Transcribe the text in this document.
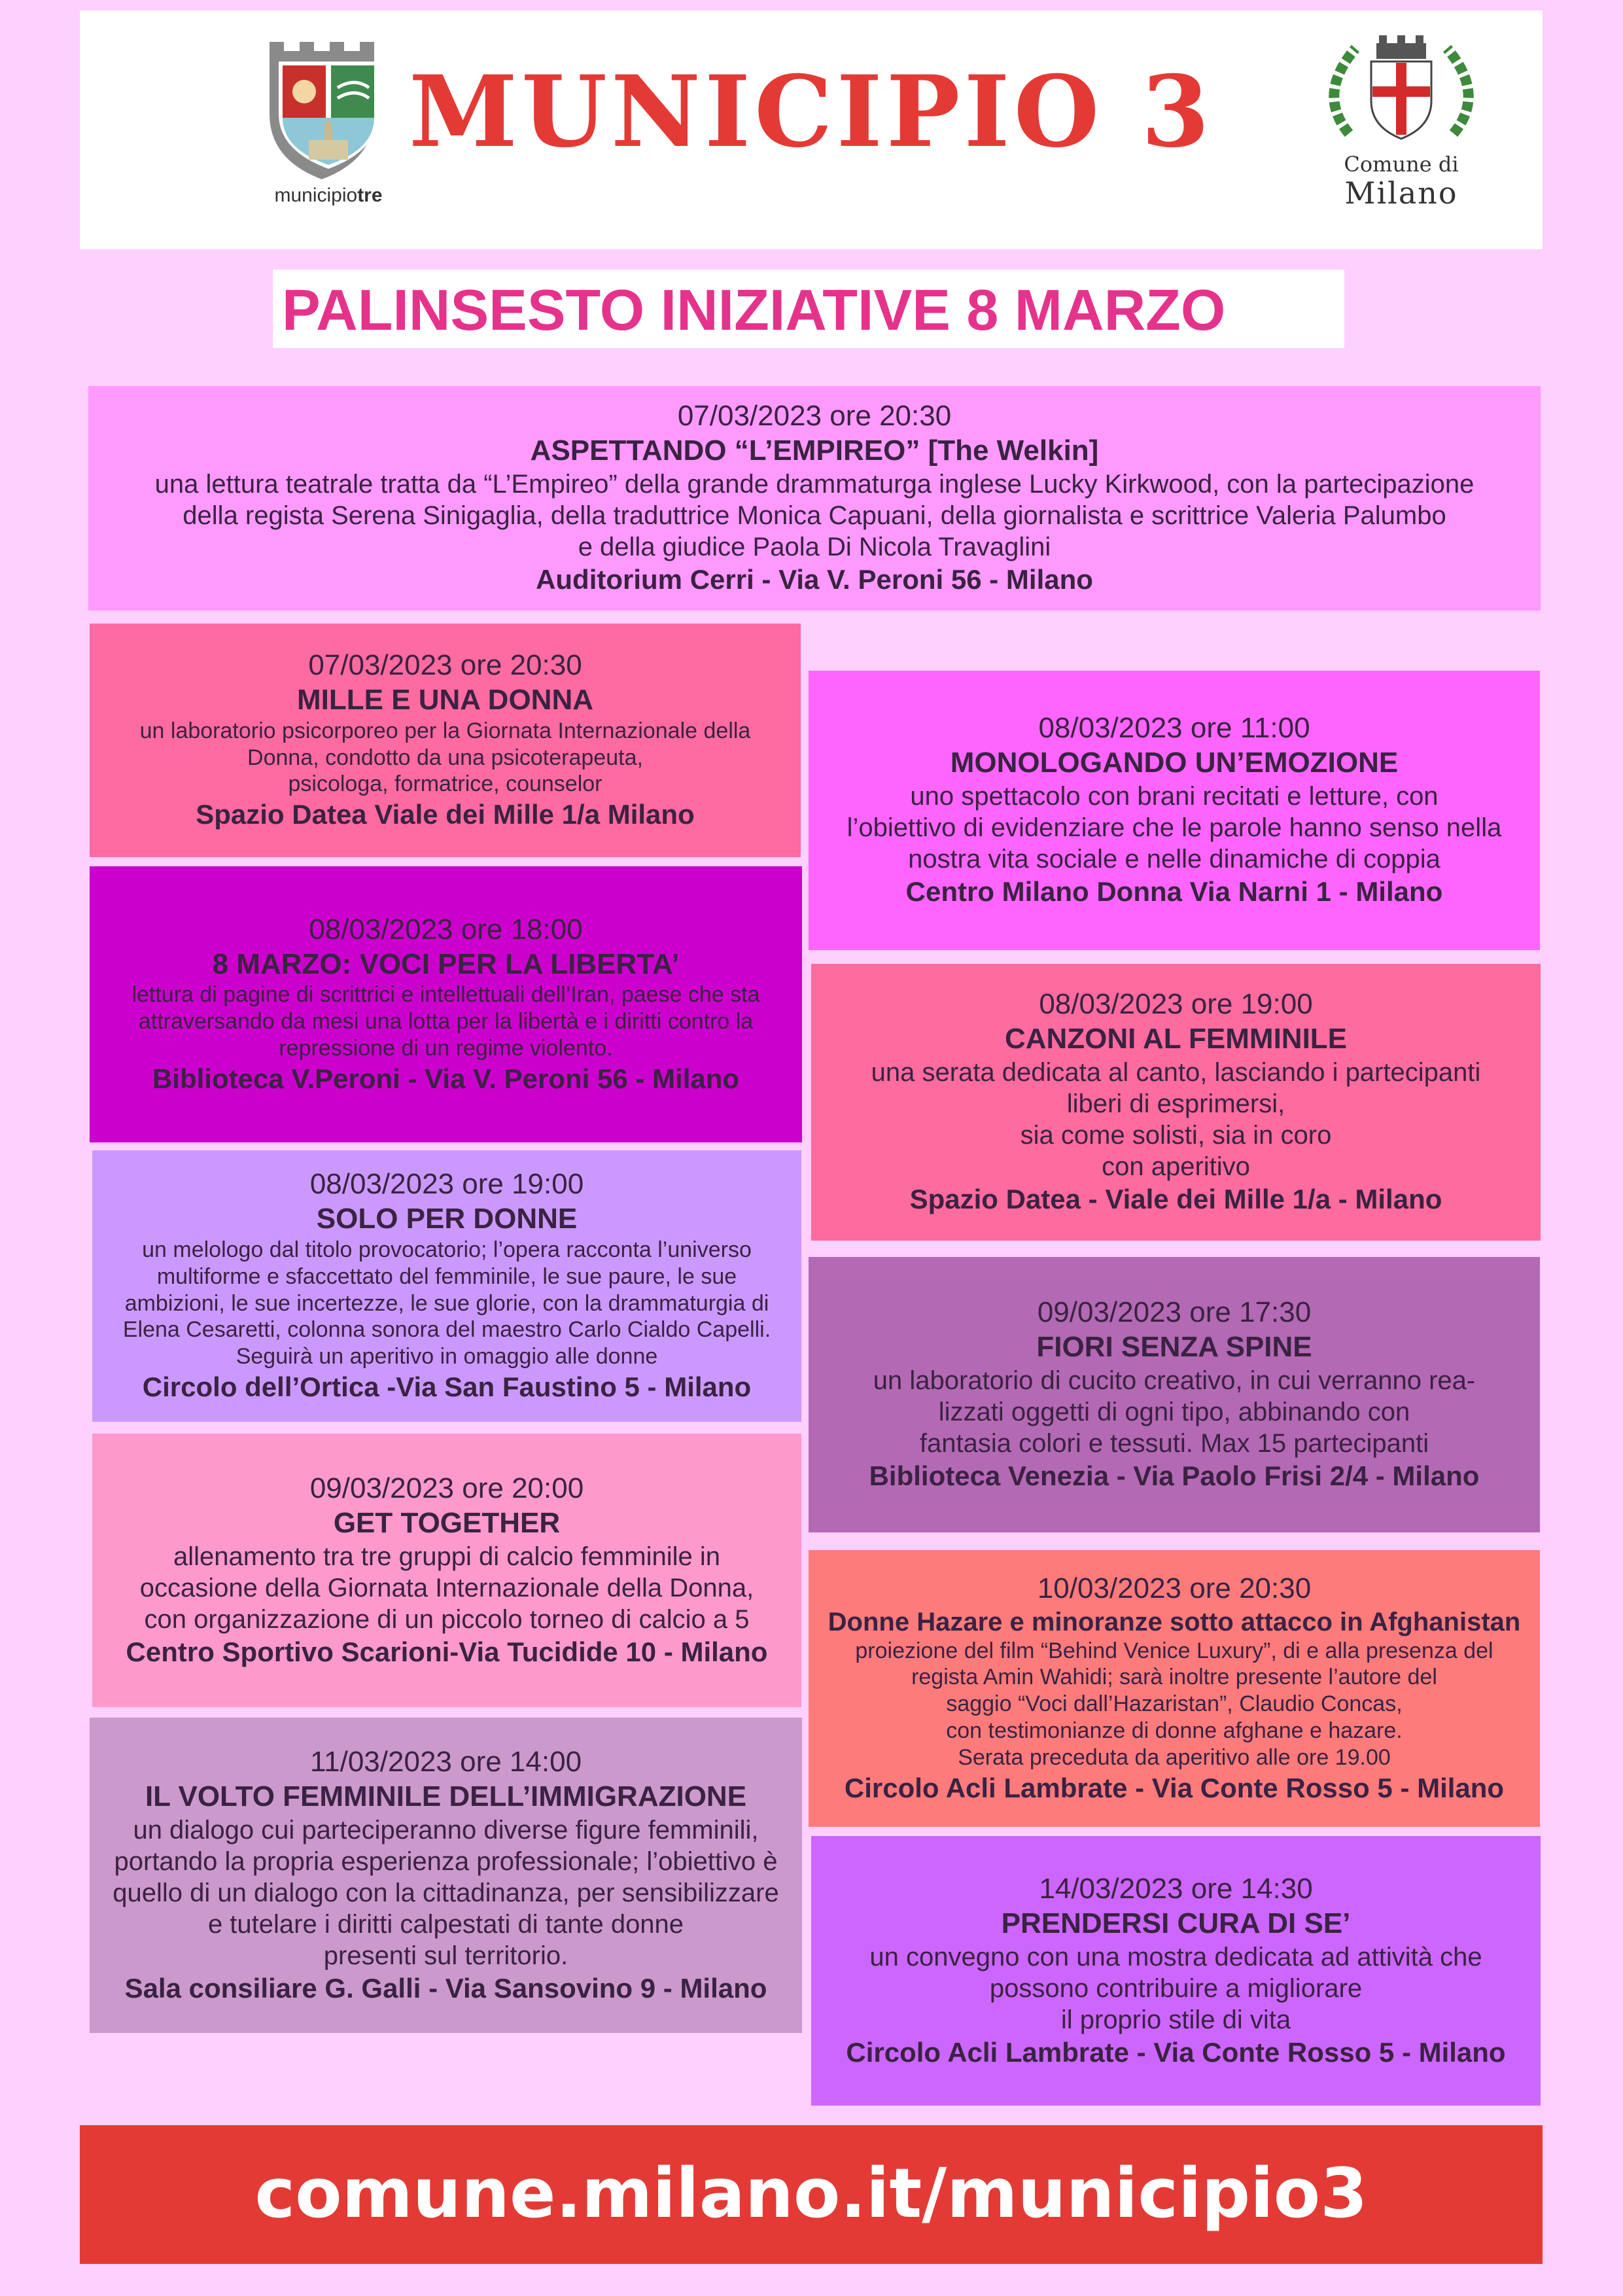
municipiotre
MUNICIPIO 3	Comune di
Milano
PALINSESTO INIZIATIVE 8 MARZO
07/03/2023 ore 20:30
ASPETTANDO “L’EMPIREO” [The Welkin]
una lettura teatrale tratta da “L’Empireo” della grande drammaturga inglese Lucky Kirkwood, con la partecipazione
della regista Serena Sinigaglia, della traduttrice Monica Capuani, della giornalista e scrittrice Valeria Palumbo
e della giudice Paola Di Nicola Travaglini
Auditorium Cerri - Via V. Peroni 56 - Milano
07/03/2023 ore 20:30
MILLE E UNA DONNA
un laboratorio psicorporeo per la Giornata Internazionale della
Donna, condotto da una psicoterapeuta,
psicologa, formatrice, counselor
Spazio Datea Viale dei Mille 1/a Milano
08/03/2023 ore 18:00
8 MARZO: VOCI PER LA LIBERTA’
lettura di pagine di scrittrici e intellettuali dell’Iran, paese che sta
attraversando da mesi una lotta per la libertà e i diritti contro la
repressione di un regime violento.
Biblioteca V.Peroni - Via V. Peroni 56 - Milano
08/03/2023 ore 19:00
SOLO PER DONNE
un melologo dal titolo provocatorio; l’opera racconta l’universo
multiforme e sfaccettato del femminile, le sue paure, le sue
ambizioni, le sue incertezze, le sue glorie, con la drammaturgia di
Elena Cesaretti, colonna sonora del maestro Carlo Cialdo Capelli.
Seguirà un aperitivo in omaggio alle donne
Circolo dell’Ortica -Via San Faustino 5 - Milano
09/03/2023 ore 20:00
GET TOGETHER
allenamento tra tre gruppi di calcio femminile in
occasione della Giornata Internazionale della Donna,
con organizzazione di un piccolo torneo di calcio a 5
Centro Sportivo Scarioni-Via Tucidide 10 - Milano
11/03/2023 ore 14:00
IL VOLTO FEMMINILE DELL’IMMIGRAZIONE
un dialogo cui parteciperanno diverse figure femminili,
portando la propria esperienza professionale; l’obiettivo è
quello di un dialogo con la cittadinanza, per sensibilizzare
e tutelare i diritti calpestati di tante donne
presenti sul territorio.
Sala consiliare G. Galli - Via Sansovino 9 - Milano
08/03/2023 ore 11:00
MONOLOGANDO UN’EMOZIONE
uno spettacolo con brani recitati e letture, con
l’obiettivo di evidenziare che le parole hanno senso nella
nostra vita sociale e nelle dinamiche di coppia
Centro Milano Donna Via Narni 1 - Milano
08/03/2023 ore 19:00
CANZONI AL FEMMINILE
una serata dedicata al canto, lasciando i partecipanti
liberi di esprimersi,
sia come solisti, sia in coro
con aperitivo
Spazio Datea - Viale dei Mille 1/a - Milano
09/03/2023 ore 17:30
FIORI SENZA SPINE
un laboratorio di cucito creativo, in cui verranno rea-
lizzati oggetti di ogni tipo, abbinando con
fantasia colori e tessuti. Max 15 partecipanti
Biblioteca Venezia - Via Paolo Frisi 2/4 - Milano
10/03/2023 ore 20:30
Donne Hazare e minoranze sotto attacco in Afghanistan
proiezione del film “Behind Venice Luxury”, di e alla presenza del
regista Amin Wahidi; sarà inoltre presente l’autore del
saggio “Voci dall’Hazaristan”, Claudio Concas,
con testimonianze di donne afghane e hazare.
Serata preceduta da aperitivo alle ore 19.00
Circolo Acli Lambrate - Via Conte Rosso 5 - Milano
14/03/2023 ore 14:30
PRENDERSI CURA DI SE’
un convegno con una mostra dedicata ad attività che
possono contribuire a migliorare
il proprio stile di vita
Circolo Acli Lambrate - Via Conte Rosso 5 - Milano
comune.milano.it/municipio3
